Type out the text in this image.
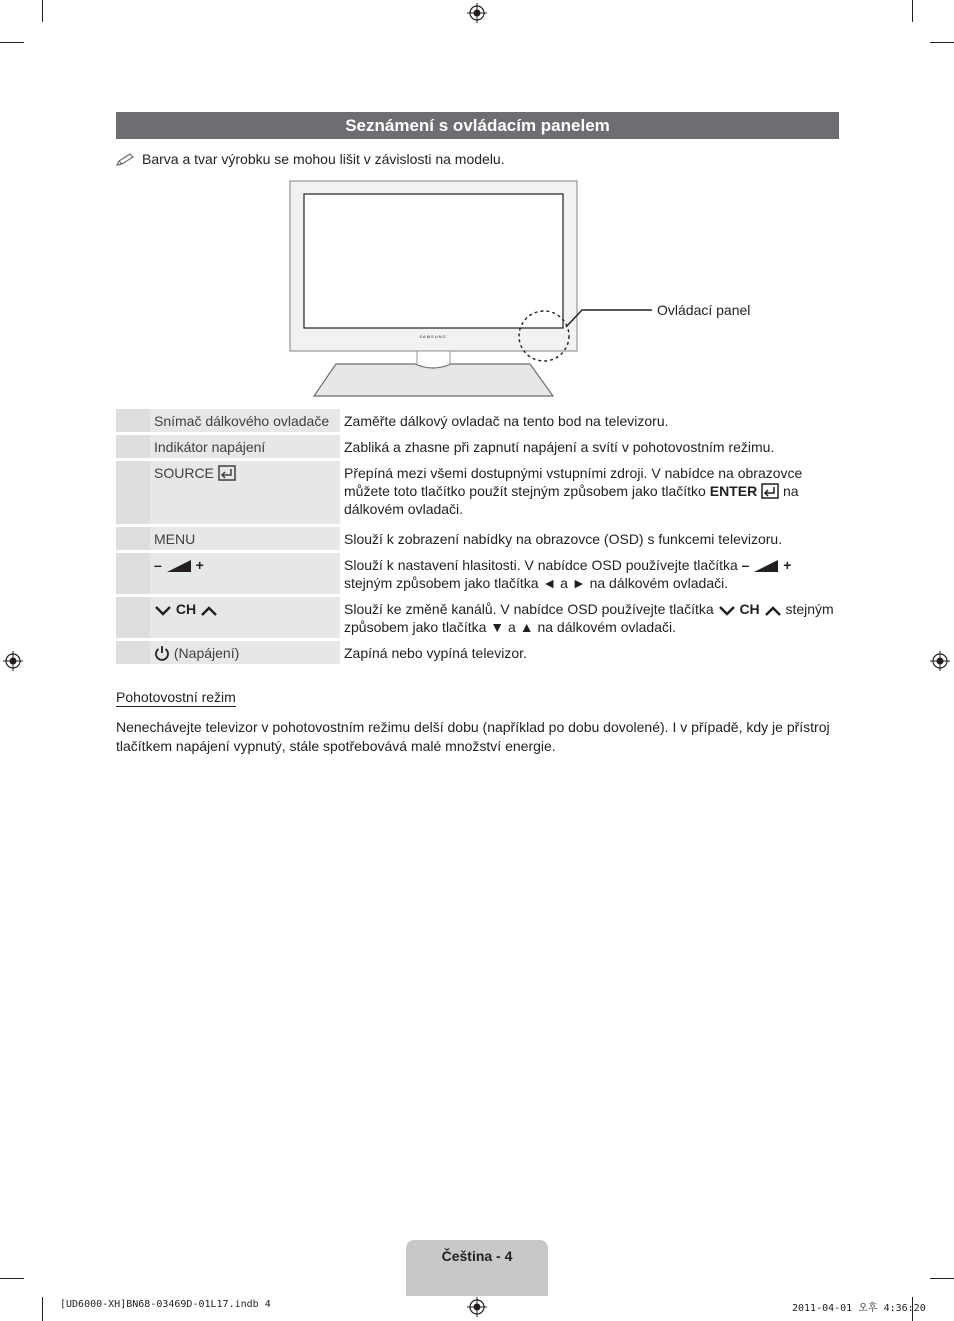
Seznámení s ovládacím panelem
Barva a tvar výrobku se mohou lišit v závislosti na modelu.
SAMSUNG
Ovládací panel
	Snímač dálkového ovladače	Zaměřte dálkový ovladač na tento bod na televizoru.
	Indikátor napájení	Zabliká a zhasne při zapnutí napájení a svítí v pohotovostním režimu.
	SOURCE	Přepíná mezi všemi dostupnými vstupními zdroji. V nabídce na obrazovce můžete toto tlačítko použít stejným způsobem jako tlačítko ENTER  na dálkovém ovladači.
	MENU	Slouží k zobrazení nabídky na obrazovce (OSD) s funkcemi televizoru.
	– +	Slouží k nastavení hlasitosti. V nabídce OSD používejte tlačítka – + stejným způsobem jako tlačítka ◄ a ► na dálkovém ovladači.
	CH	Slouží ke změně kanálů. V nabídce OSD používejte tlačítka  CH  stejným způsobem jako tlačítka ▼ a ▲ na dálkovém ovladači.
	(Napájení)	Zapíná nebo vypíná televizor.
Pohotovostní režim
Nenechávejte televizor v pohotovostním režimu delší dobu (například po dobu dovolené). I v případě, kdy je přístroj tlačítkem napájení vypnutý, stále spotřebovává malé množství energie.
Čeština - 4
[UD6000-XH]BN68-03469D-01L17.indb 4	2011-04-01 오후 4:36:20
